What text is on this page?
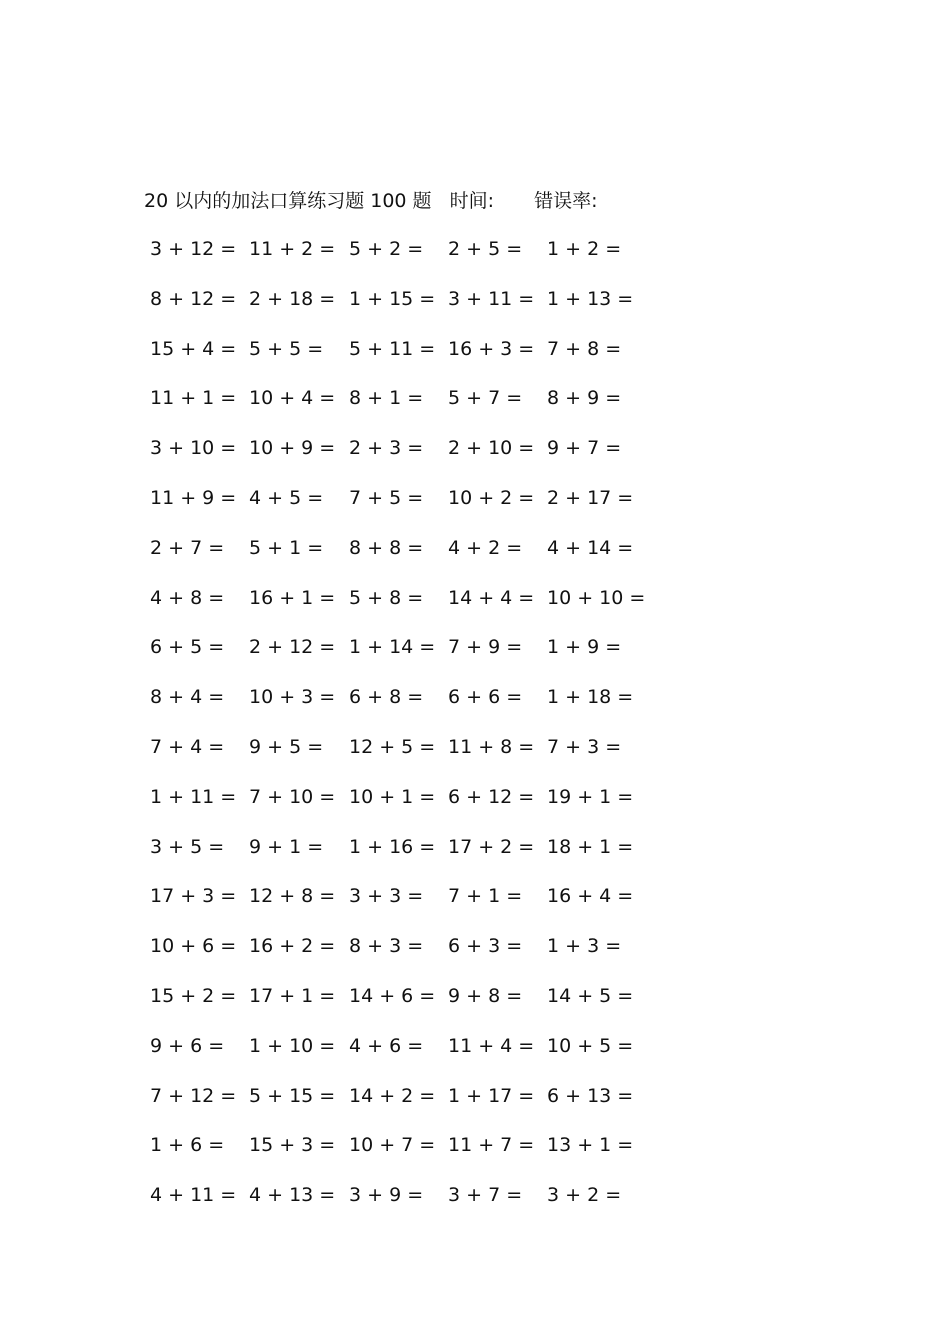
20 以内的加法口算练习题 100 题 时间: 错误率:
3 + 12 = 11 + 2 = 5 + 2 = 2 + 5 = 1 + 2 =
8 + 12 = 2 + 18 = 1 + 15 = 3 + 11 = 1 + 13 =
15 + 4 = 5 + 5 = 5 + 11 = 16 + 3 = 7 + 8 =
11 + 1 = 10 + 4 = 8 + 1 = 5 + 7 = 8 + 9 =
3 + 10 = 10 + 9 = 2 + 3 = 2 + 10 = 9 + 7 =
11 + 9 = 4 + 5 = 7 + 5 = 10 + 2 = 2 + 17 =
2 + 7 = 5 + 1 = 8 + 8 = 4 + 2 = 4 + 14 =
4 + 8 = 16 + 1 = 5 + 8 = 14 + 4 = 10 + 10 =
6 + 5 = 2 + 12 = 1 + 14 = 7 + 9 = 1 + 9 =
8 + 4 = 10 + 3 = 6 + 8 = 6 + 6 = 1 + 18 =
7 + 4 = 9 + 5 = 12 + 5 = 11 + 8 = 7 + 3 =
1 + 11 = 7 + 10 = 10 + 1 = 6 + 12 = 19 + 1 =
3 + 5 = 9 + 1 = 1 + 16 = 17 + 2 = 18 + 1 =
17 + 3 = 12 + 8 = 3 + 3 = 7 + 1 = 16 + 4 =
10 + 6 = 16 + 2 = 8 + 3 = 6 + 3 = 1 + 3 =
15 + 2 = 17 + 1 = 14 + 6 = 9 + 8 = 14 + 5 =
9 + 6 = 1 + 10 = 4 + 6 = 11 + 4 = 10 + 5 =
7 + 12 = 5 + 15 = 14 + 2 = 1 + 17 = 6 + 13 =
1 + 6 = 15 + 3 = 10 + 7 = 11 + 7 = 13 + 1 =
4 + 11 = 4 + 13 = 3 + 9 = 3 + 7 = 3 + 2 =
